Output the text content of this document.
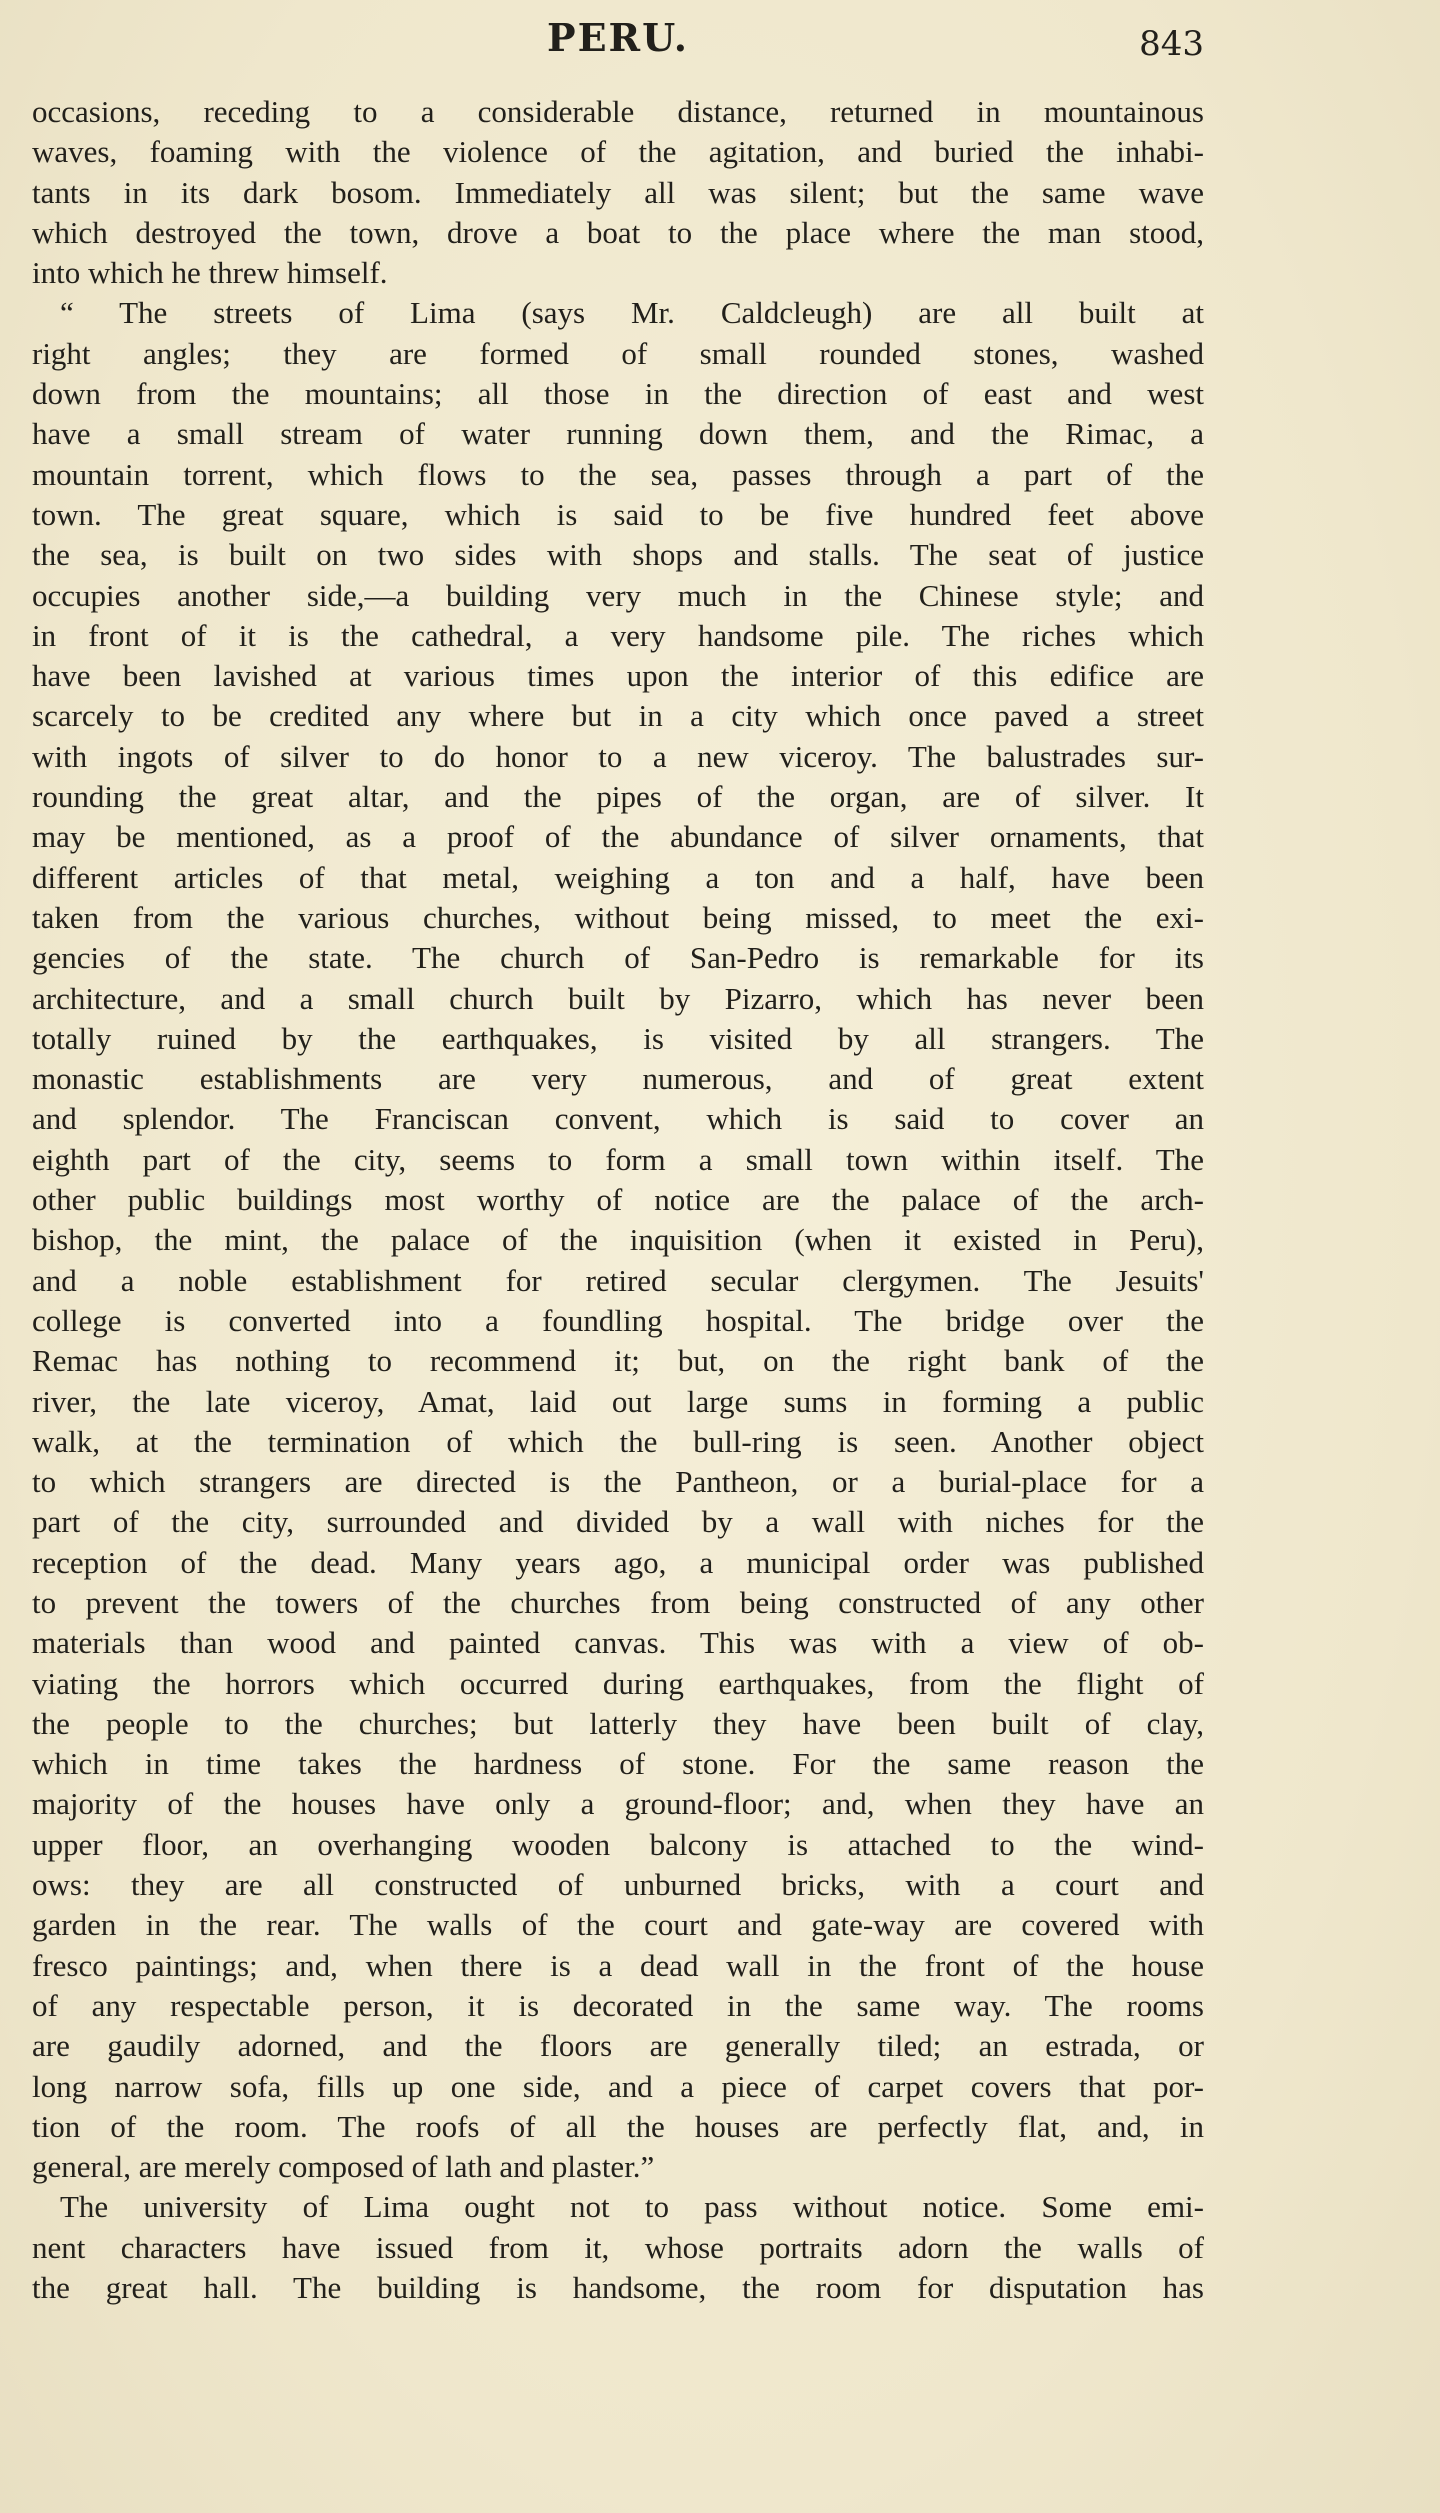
PERU.	843
occasions, receding to a considerable distance, returned in mountainous
waves, foaming with the violence of the agitation, and buried the inhabi-
tants in its dark bosom. Immediately all was silent; but the same wave
which destroyed the town, drove a boat to the place where the man stood,
into which he threw himself.
“ The streets of Lima (says Mr. Caldcleugh) are all built at
right angles; they are formed of small rounded stones, washed
down from the mountains; all those in the direction of east and west
have a small stream of water running down them, and the Rimac, a
mountain torrent, which flows to the sea, passes through a part of the
town. The great square, which is said to be five hundred feet above
the sea, is built on two sides with shops and stalls. The seat of justice
occupies another side,—a building very much in the Chinese style; and
in front of it is the cathedral, a very handsome pile. The riches which
have been lavished at various times upon the interior of this edifice are
scarcely to be credited any where but in a city which once paved a street
with ingots of silver to do honor to a new viceroy. The balustrades sur-
rounding the great altar, and the pipes of the organ, are of silver. It
may be mentioned, as a proof of the abundance of silver ornaments, that
different articles of that metal, weighing a ton and a half, have been
taken from the various churches, without being missed, to meet the exi-
gencies of the state. The church of San-Pedro is remarkable for its
architecture, and a small church built by Pizarro, which has never been
totally ruined by the earthquakes, is visited by all strangers. The
monastic establishments are very numerous, and of great extent
and splendor. The Franciscan convent, which is said to cover an
eighth part of the city, seems to form a small town within itself. The
other public buildings most worthy of notice are the palace of the arch-
bishop, the mint, the palace of the inquisition (when it existed in Peru),
and a noble establishment for retired secular clergymen. The Jesuits'
college is converted into a foundling hospital. The bridge over the
Remac has nothing to recommend it; but, on the right bank of the
river, the late viceroy, Amat, laid out large sums in forming a public
walk, at the termination of which the bull-ring is seen. Another object
to which strangers are directed is the Pantheon, or a burial-place for a
part of the city, surrounded and divided by a wall with niches for the
reception of the dead. Many years ago, a municipal order was published
to prevent the towers of the churches from being constructed of any other
materials than wood and painted canvas. This was with a view of ob-
viating the horrors which occurred during earthquakes, from the flight of
the people to the churches; but latterly they have been built of clay,
which in time takes the hardness of stone. For the same reason the
majority of the houses have only a ground-floor; and, when they have an
upper floor, an overhanging wooden balcony is attached to the wind-
ows: they are all constructed of unburned bricks, with a court and
garden in the rear. The walls of the court and gate-way are covered with
fresco paintings; and, when there is a dead wall in the front of the house
of any respectable person, it is decorated in the same way. The rooms
are gaudily adorned, and the floors are generally tiled; an estrada, or
long narrow sofa, fills up one side, and a piece of carpet covers that por-
tion of the room. The roofs of all the houses are perfectly flat, and, in
general, are merely composed of lath and plaster.”
The university of Lima ought not to pass without notice. Some emi-
nent characters have issued from it, whose portraits adorn the walls of
the great hall. The building is handsome, the room for disputation has
